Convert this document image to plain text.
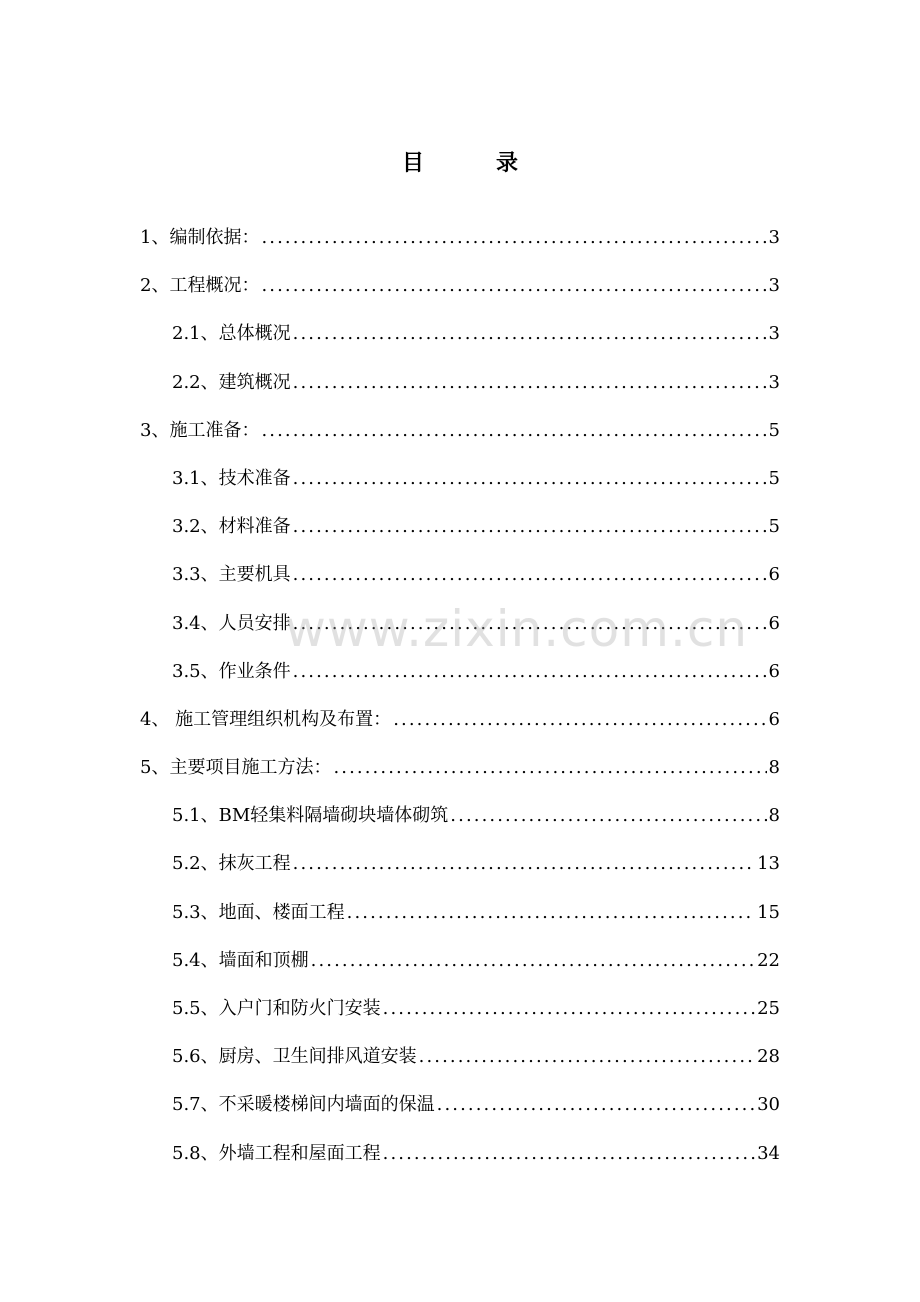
目	录
1、编制依据： .....	3
2、工程概况： .....	3
2.1、总体概况 .....	3
2.2、建筑概况 .....	3
3、施工准备： .....	5
3.1、技术准备 .....	5
3.2、材料准备 .....	5
3.3、主要机具 .....	6
3.4、人员安排 .....	6
3.5、作业条件 .....	6
4、 施工管理组织机构及布置： .....	6
5、主要项目施工方法： .....	8
5.1、BM轻集料隔墙砌块墙体砌筑 .....	8
5.2、抹灰工程 .....	13
5.3、地面、楼面工程 .....	15
5.4、墙面和顶棚 .....	22
5.5、入户门和防火门安装 .....	25
5.6、厨房、卫生间排风道安装 .....	28
5.7、不采暖楼梯间内墙面的保温 .....	30
5.8、外墙工程和屋面工程 .....	34
www.zixin.com.cn
